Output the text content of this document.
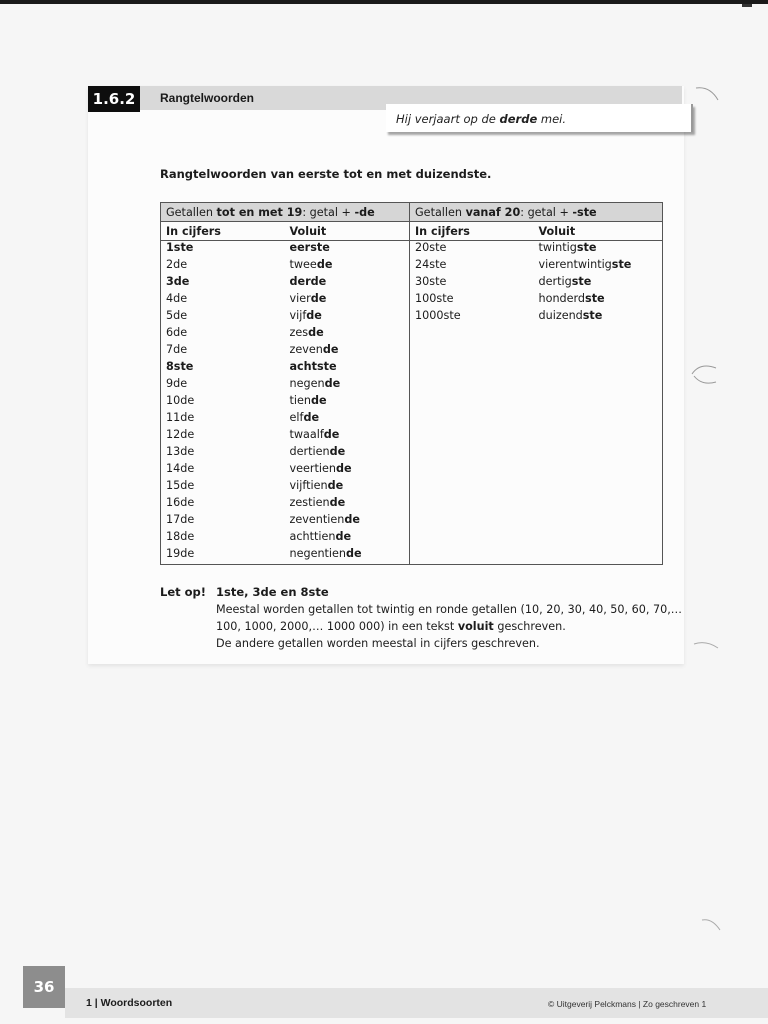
1.6.2	Rangtelwoorden
Hij verjaart op de derde mei.
Rangtelwoorden van eerste tot en met duizendste.
Getallen tot en met 19: getal + -de		Getallen vanaf 20: getal + -ste	
In cijfers	Voluit	In cijfers	Voluit
1ste	eerste	20ste	twintigste
2de	tweede	24ste	vierentwintigste
3de	derde	30ste	dertigste
4de	vierde	100ste	honderdste
5de	vijfde	1000ste	duizendste
6de	zesde		
7de	zevende		
8ste	achtste		
9de	negende		
10de	tiende		
11de	elfde		
12de	twaalfde		
13de	dertiende		
14de	veertiende		
15de	vijftiende		
16de	zestiende		
17de	zeventiende		
18de	achttiende		
19de	negentiende		
Let op! 1ste, 3de en 8ste
Meestal worden getallen tot twintig en ronde getallen (10, 20, 30, 40, 50, 60, 70,…
100, 1000, 2000,… 1000 000) in een tekst voluit geschreven.
De andere getallen worden meestal in cijfers geschreven.
36
1 | Woordsoorten	© Uitgeverij Pelckmans | Zo geschreven 1
